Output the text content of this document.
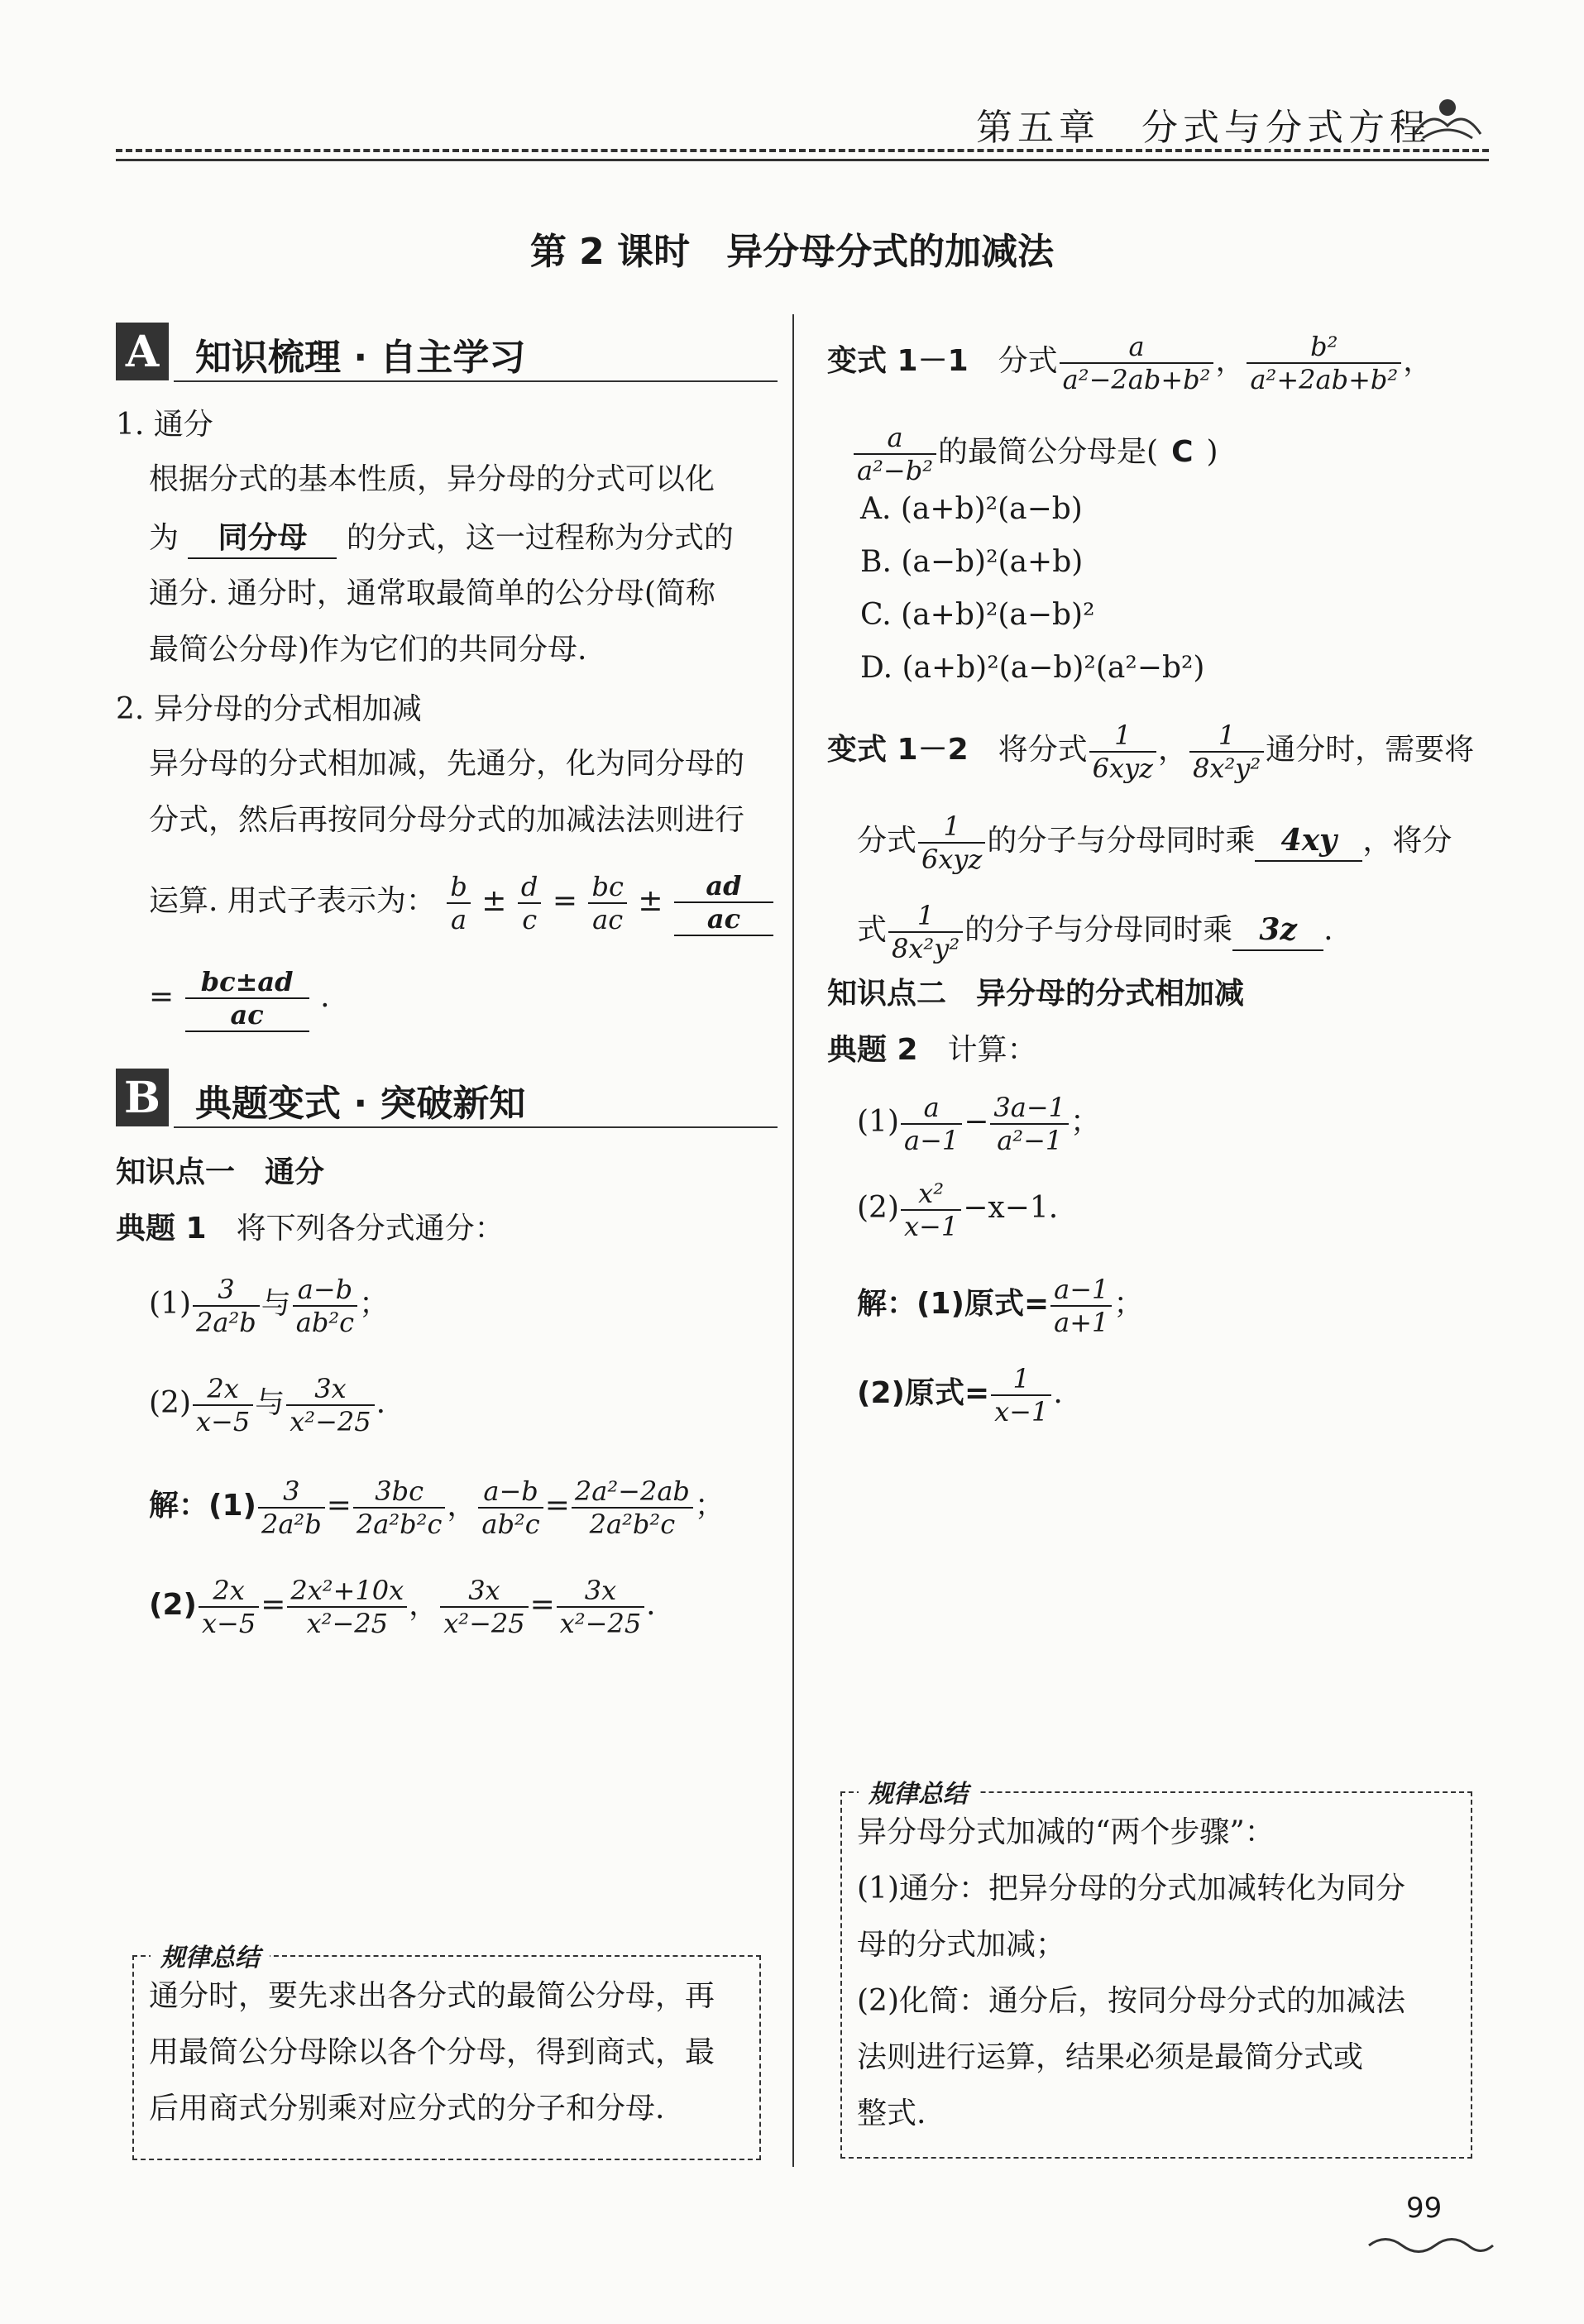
第五章　分式与分式方程
第 2 课时　异分母分式的加减法
A 知识梳理 · 自主学习
1. 通分
根据分式的基本性质，异分母的分式可以化
为 同分母 的分式，这一过程称为分式的
通分. 通分时，通常取最简单的公分母(简称
最简公分母)作为它们的共同分母.
2. 异分母的分式相加减
异分母的分式相加减，先通分，化为同分母的
分式，然后再按同分母分式的加减法法则进行
运算. 用式子表示为： $\frac{b}{a} \pm \frac{d}{c} = \frac{bc}{ac} \pm \frac{ad}{ac}$
= $\frac{bc\pm ad}{ac}$ .
B 典题变式 · 突破新知
知识点一　通分
典题 1　 将下列各分式通分：
$(1) \frac{3}{\text{2a²b}}$ 与 $\frac{a-b}{\text{ab²c}}$ ；
$(2) \frac{2x}{x-5}$ 与 $\frac{3x}{\text{x²−25}}$ .
解：$(1) \frac{3}{\text{2a²b}} = \frac{3bc}{\text{2a²b²c}}$ ， $\frac{a-b}{\text{ab²c}} = \frac{\text{2a²−2ab}}{\text{2a²b²c}}$ ；
$(2) \frac{2x}{x-5} = \frac{\text{2x²+10x}}{\text{x²−25}}$ ， $\frac{3x}{\text{x²−25}} = \frac{3x}{\text{x²−25}}$ .
规律总结
通分时，要先求出各分式的最简公分母，再
用最简公分母除以各个分母，得到商式，最
后用商式分别乘对应分式的分子和分母.
变式 1－1　 分式 $\frac{a}{\text{a²−2ab+b²}}$ ， $\frac{\text{b²}}{\text{a²+2ab+b²}}$ ，
$\frac{a}{\text{a²−b²}}$ 的最简公分母是( C )
A. (a+b)²(a−b)
B. (a−b)²(a+b)
C. (a+b)²(a−b)²
D. (a+b)²(a−b)²(a²−b²)
变式 1－2　 将分式 $\frac{1}{\text{6xyz}}$ ， $\frac{1}{\text{8x²y²}}$ 通分时，需要将
分式 $\frac{1}{\text{6xyz}}$ 的分子与分母同时乘 4xy ，将分
式 $\frac{1}{\text{8x²y²}}$ 的分子与分母同时乘 3z .
知识点二　异分母的分式相加减
典题 2　 计算：
$(1) \frac{a}{a-1} - \frac{3a-1}{\text{a²−1}}$ ；
$(2) \frac{\text{x²}}{x-1} -x-1$.
解：(1)原式= $\frac{a-1}{a+1}$ ；
(2)原式= $\frac{1}{x-1}$ .
规律总结
异分母分式加减的“两个步骤”：
(1)通分：把异分母的分式加减转化为同分
母的分式加减；
(2)化简：通分后，按同分母分式的加减法
法则进行运算，结果必须是最简分式或
整式.
99
